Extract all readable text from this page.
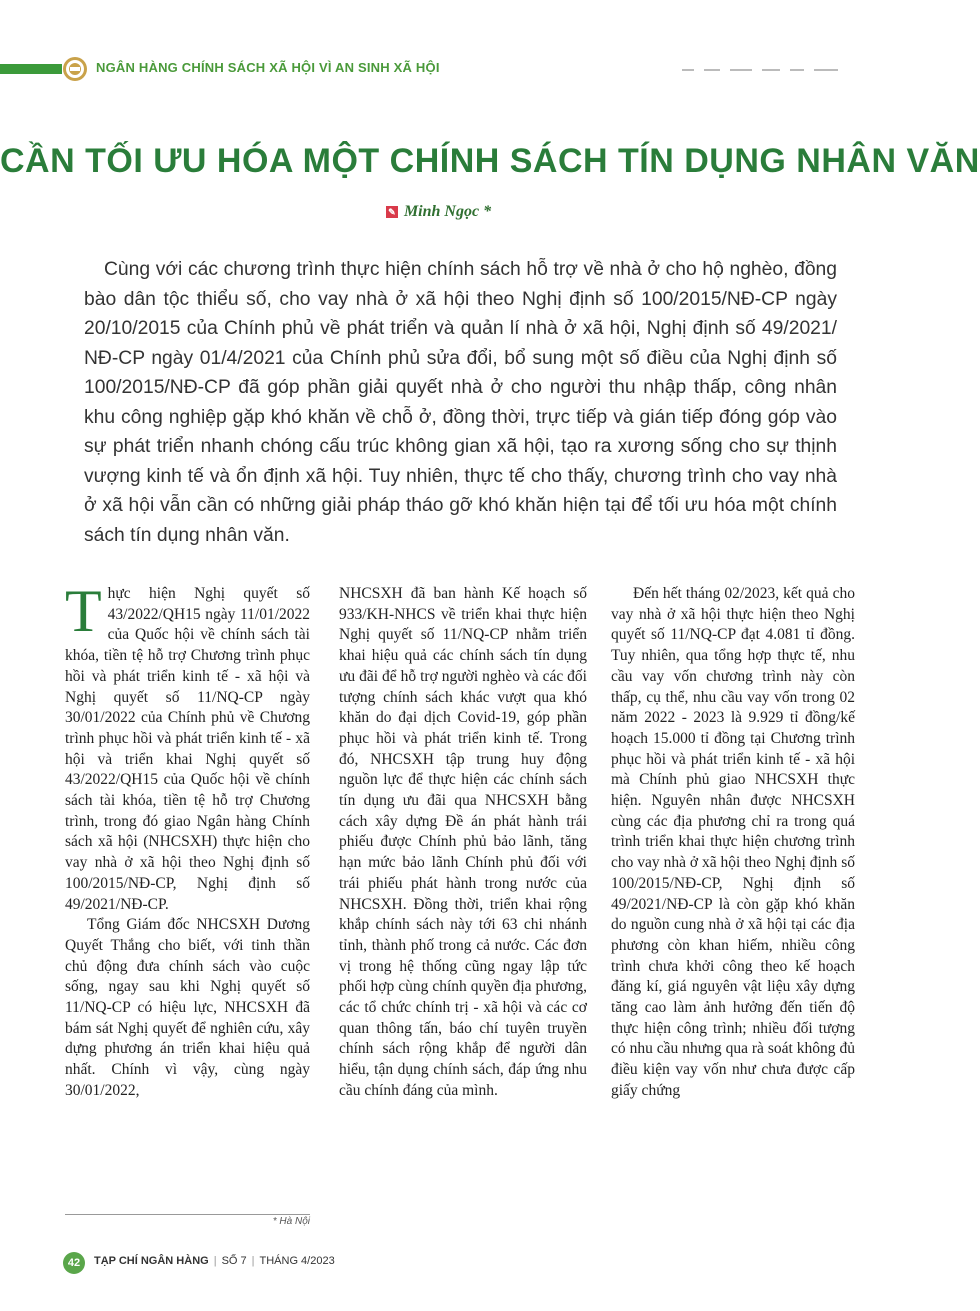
NGÂN HÀNG CHÍNH SÁCH XÃ HỘI VÌ AN SINH XÃ HỘI
CẦN TỐI ƯU HÓA MỘT CHÍNH SÁCH TÍN DỤNG NHÂN VĂN
✎ Minh Ngọc *
Cùng với các chương trình thực hiện chính sách hỗ trợ về nhà ở cho hộ nghèo, đồng bào dân tộc thiểu số, cho vay nhà ở xã hội theo Nghị định số 100/2015/NĐ-CP ngày 20/10/2015 của Chính phủ về phát triển và quản lí nhà ở xã hội, Nghị định số 49/2021/ NĐ-CP ngày 01/4/2021 của Chính phủ sửa đổi, bổ sung một số điều của Nghị định số 100/2015/NĐ-CP đã góp phần giải quyết nhà ở cho người thu nhập thấp, công nhân khu công nghiệp gặp khó khăn về chỗ ở, đồng thời, trực tiếp và gián tiếp đóng góp vào sự phát triển nhanh chóng cấu trúc không gian xã hội, tạo ra xương sống cho sự thịnh vượng kinh tế và ổn định xã hội. Tuy nhiên, thực tế cho thấy, chương trình cho vay nhà ở xã hội vẫn cần có những giải pháp tháo gỡ khó khăn hiện tại để tối ưu hóa một chính sách tín dụng nhân văn.

Thực hiện Nghị quyết số 43/2022/QH15 ngày 11/01/2022 của Quốc hội về chính sách tài khóa, tiền tệ hỗ trợ Chương trình phục hồi và phát triển kinh tế - xã hội và Nghị quyết số 11/NQ-CP ngày 30/01/2022 của Chính phủ về Chương trình phục hồi và phát triển kinh tế - xã hội và triển khai Nghị quyết số 43/2022/QH15 của Quốc hội về chính sách tài khóa, tiền tệ hỗ trợ Chương trình, trong đó giao Ngân hàng Chính sách xã hội (NHCSXH) thực hiện cho vay nhà ở xã hội theo Nghị định số 100/2015/NĐ-CP, Nghị định số 49/2021/NĐ-CP.

Tổng Giám đốc NHCSXH Dương Quyết Thắng cho biết, với tinh thần chủ động đưa chính sách vào cuộc sống, ngay sau khi Nghị quyết số 11/NQ-CP có hiệu lực, NHCSXH đã bám sát Nghị quyết để nghiên cứu, xây dựng phương án triển khai hiệu quả nhất. Chính vì vậy, cùng ngày 30/01/2022,

* Hà Nội

NHCSXH đã ban hành Kế hoạch số 933/KH-NHCS về triển khai thực hiện Nghị quyết số 11/NQ-CP nhằm triển khai hiệu quả các chính sách tín dụng ưu đãi để hỗ trợ người nghèo và các đối tượng chính sách khác vượt qua khó khăn do đại dịch Covid-19, góp phần phục hồi và phát triển kinh tế. Trong đó, NHCSXH tập trung huy động nguồn lực để thực hiện các chính sách tín dụng ưu đãi qua NHCSXH bằng cách xây dựng Đề án phát hành trái phiếu được Chính phủ bảo lãnh, tăng hạn mức bảo lãnh Chính phủ đối với trái phiếu phát hành trong nước của NHCSXH. Đồng thời, triển khai rộng khắp chính sách này tới 63 chi nhánh tỉnh, thành phố trong cả nước. Các đơn vị trong hệ thống cũng ngay lập tức phối hợp cùng chính quyền địa phương, các tổ chức chính trị - xã hội và các cơ quan thông tấn, báo chí tuyên truyền chính sách rộng khắp để người dân hiểu, tận dụng chính sách, đáp ứng nhu cầu chính đáng của mình.

Đến hết tháng 02/2023, kết quả cho vay nhà ở xã hội thực hiện theo Nghị quyết số 11/NQ-CP đạt 4.081 tỉ đồng. Tuy nhiên, qua tổng hợp thực tế, nhu cầu vay vốn chương trình này còn thấp, cụ thể, nhu cầu vay vốn trong 02 năm 2022 - 2023 là 9.929 tỉ đồng/kế hoạch 15.000 tỉ đồng tại Chương trình phục hồi và phát triển kinh tế - xã hội mà Chính phủ giao NHCSXH thực hiện. Nguyên nhân được NHCSXH cùng các địa phương chỉ ra trong quá trình triển khai thực hiện chương trình cho vay nhà ở xã hội theo Nghị định số 100/2015/NĐ-CP, Nghị định số 49/2021/NĐ-CP là còn gặp khó khăn do nguồn cung nhà ở xã hội tại các địa phương còn khan hiếm, nhiều công trình chưa khởi công theo kế hoạch đăng kí, giá nguyên vật liệu xây dựng tăng cao làm ảnh hưởng đến tiến độ thực hiện công trình; nhiều đối tượng có nhu cầu nhưng qua rà soát không đủ điều kiện vay vốn như chưa được cấp giấy chứng

42	TẠP CHÍ NGÂN HÀNG | SỐ 7 | THÁNG 4/2023
